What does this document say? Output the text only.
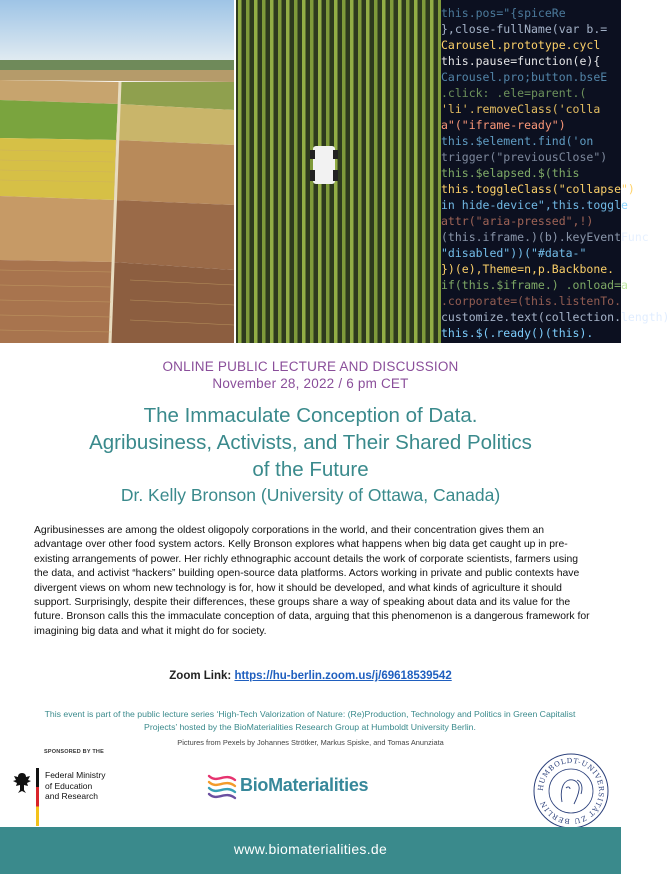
this.pos="{spiceRe
},close-fullName(var b.=
Carousel.prototype.cycl
this.pause=function(e){
Carousel.pro;button.bseE
.click: .ele=parent.(
'li'.removeClass('colla
a"("iframe-ready")
this.$element.find('on
trigger("previousClose")
this.$elapsed.$(this
this.toggleClass("collapse")
in hide-device",this.toggle
attr("aria-pressed",!)
(this.iframe.)(b).keyEventFunc
"disabled"))("#data-"
})(e),Theme=n,p.Backbone.
if(this.$iframe.) .onload=a
.corporate=(this.listenTo.
customize.text(collection.length)
this.$(.ready()(this).
ONLINE PUBLIC LECTURE AND DISCUSSION
November 28, 2022 / 6 pm CET
The Immaculate Conception of Data.
Agribusiness, Activists, and Their Shared Politics
of the Future
Dr. Kelly Bronson (University of Ottawa, Canada)
Agribusinesses are among the oldest oligopoly corporations in the world, and their concentration gives them an advantage over other food system actors. Kelly Bronson explores what happens when big data get caught up in pre-existing arrangements of power. Her richly ethnographic account details the work of corporate scientists, farmers using the data, and activist “hackers” building open-source data platforms. Actors working in private and public contexts have divergent views on whom new technology is for, how it should be developed, and what kinds of agriculture it should support. Surprisingly, despite their differences, these groups share a way of speaking about data and its value for the future. Bronson calls this the immaculate conception of data, arguing that this phenomenon is a dangerous framework for imagining big data and what it might do for society.
Zoom Link: https://hu-berlin.zoom.us/j/69618539542
This event is part of the public lecture series ‘High-Tech Valorization of Nature: (Re)Production, Technology and Politics in Green Capitalist Projects’ hosted by the BioMaterialities Research Group at Humboldt University Berlin.
Pictures from Pexels by Johannes Strötker, Markus Spiske, and Tomas Anunziata
SPONSORED BY THE
Federal Ministry
of Education
and Research
BioMaterialities	HUMBOLDT-UNIVERSITÄT ZU BERLIN
www.biomaterialities.de
